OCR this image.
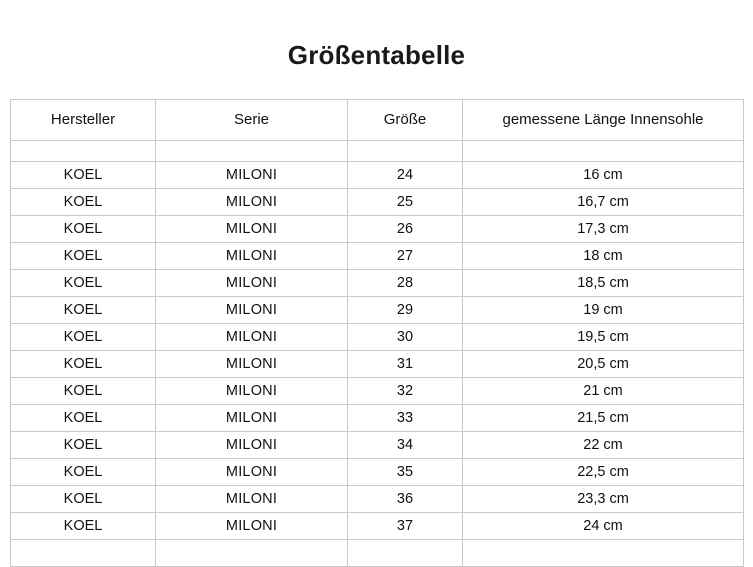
Größentabelle
Hersteller	Serie	Größe	gemessene Länge Innensohle

KOEL	MILONI	24	16 cm
KOEL	MILONI	25	16,7 cm
KOEL	MILONI	26	17,3 cm
KOEL	MILONI	27	18 cm
KOEL	MILONI	28	18,5 cm
KOEL	MILONI	29	19 cm
KOEL	MILONI	30	19,5 cm
KOEL	MILONI	31	20,5 cm
KOEL	MILONI	32	21 cm
KOEL	MILONI	33	21,5 cm
KOEL	MILONI	34	22 cm
KOEL	MILONI	35	22,5 cm
KOEL	MILONI	36	23,3 cm
KOEL	MILONI	37	24 cm
